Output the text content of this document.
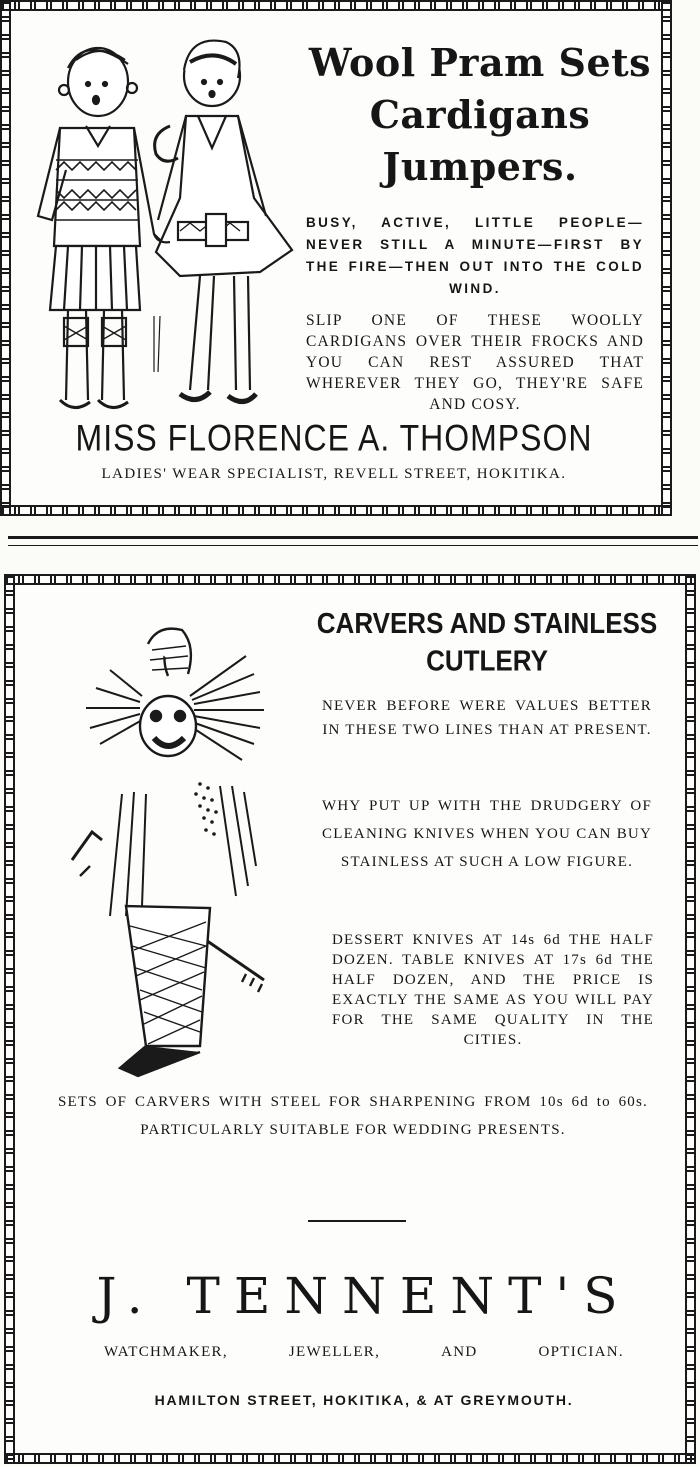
Wool Pram Sets

Cardigans

Jumpers.

BUSY, ACTIVE, LITTLE PEOPLE—NEVER STILL A MINUTE—FIRST BY THE FIRE—THEN OUT INTO THE COLD WIND.

SLIP ONE OF THESE WOOLLY CARDIGANS OVER THEIR FROCKS AND YOU CAN REST ASSURED THAT WHEREVER THEY GO, THEY'RE SAFE AND COSY.

MISS FLORENCE A. THOMPSON

LADIES' WEAR SPECIALIST, REVELL STREET, HOKITIKA.

CARVERS AND STAINLESS CUTLERY

NEVER BEFORE WERE VALUES BETTER IN THESE TWO LINES THAN AT PRESENT.

WHY PUT UP WITH THE DRUDGERY OF CLEANING KNIVES WHEN YOU CAN BUY STAINLESS AT SUCH A LOW FIGURE.

DESSERT KNIVES AT 14s 6d THE HALF DOZEN. TABLE KNIVES AT 17s 6d THE HALF DOZEN, AND THE PRICE IS EXACTLY THE SAME AS YOU WILL PAY FOR THE SAME QUALITY IN THE CITIES.

SETS OF CARVERS WITH STEEL FOR SHARPENING FROM 10s 6d to 60s. PARTICULARLY SUITABLE FOR WEDDING PRESENTS.

J. TENNENT'S

WATCHMAKER,	JEWELLER,	AND	OPTICIAN.

HAMILTON STREET, HOKITIKA, & AT GREYMOUTH.
